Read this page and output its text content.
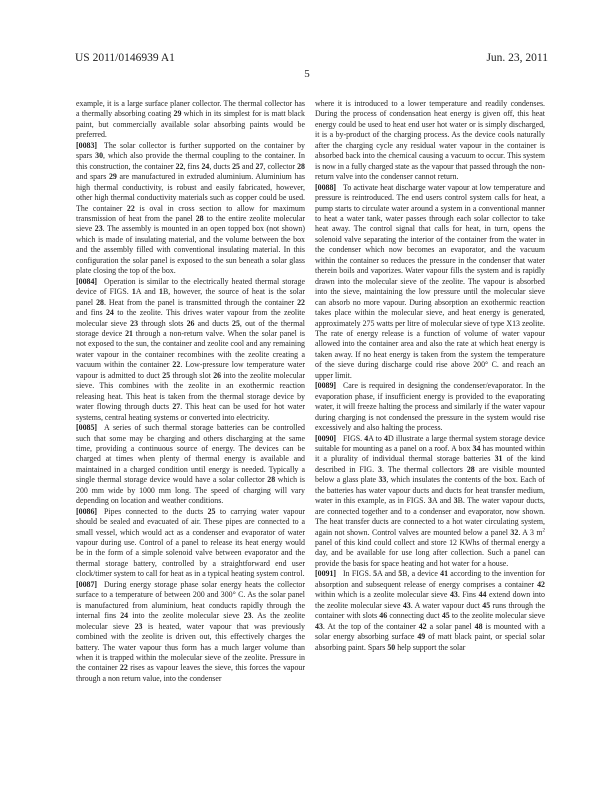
US 2011/0146939 A1	Jun. 23, 2011
5

example, it is a large surface planer collector. The thermal collector has a thermally absorbing coating 29 which in its simplest for is matt black paint, but commercially available solar absorbing paints would be preferred.

[0083] The solar collector is further supported on the container by spars 30, which also provide the thermal coupling to the container. In this construction, the container 22, fins 24, ducts 25 and 27, collector 28 and spars 29 are manufactured in extruded aluminium. Aluminium has high thermal conductivity, is robust and easily fabricated, however, other high thermal conductivity materials such as copper could be used. The container 22 is oval in cross section to allow for maximum transmission of heat from the panel 28 to the entire zeolite molecular sieve 23. The assembly is mounted in an open topped box (not shown) which is made of insulating material, and the volume between the box and the assembly filled with conventional insulating material. In this configuration the solar panel is exposed to the sun beneath a solar glass plate closing the top of the box.

[0084] Operation is similar to the electrically heated thermal storage device of FIGS. 1A and 1B, however, the source of heat is the solar panel 28. Heat from the panel is transmitted through the container 22 and fins 24 to the zeolite. This drives water vapour from the zeolite molecular sieve 23 through slots 26 and ducts 25, out of the thermal storage device 21 through a non-return valve. When the solar panel is not exposed to the sun, the container and zeolite cool and any remaining water vapour in the container recombines with the zeolite creating a vacuum within the container 22. Low-pressure low temperature water vapour is admitted to duct 25 through slot 26 into the zeolite molecular sieve. This combines with the zeolite in an exothermic reaction releasing heat. This heat is taken from the thermal storage device by water flowing through ducts 27. This heat can be used for hot water systems, central heating systems or converted into electricity.

[0085] A series of such thermal storage batteries can be controlled such that some may be charging and others discharging at the same time, providing a continuous source of energy. The devices can be charged at times when plenty of thermal energy is available and maintained in a charged condition until energy is needed. Typically a single thermal storage device would have a solar collector 28 which is 200 mm wide by 1000 mm long. The speed of charging will vary depending on location and weather conditions.

[0086] Pipes connected to the ducts 25 to carrying water vapour should be sealed and evacuated of air. These pipes are connected to a small vessel, which would act as a condenser and evaporator of water vapour during use. Control of a panel to release its heat energy would be in the form of a simple solenoid valve between evaporator and the thermal storage battery, controlled by a straightforward end user clock/timer system to call for heat as in a typical heating system control.

[0087] During energy storage phase solar energy heats the collector surface to a temperature of between 200 and 300° C. As the solar panel is manufactured from aluminium, heat conducts rapidly through the internal fins 24 into the zeolite molecular sieve 23. As the zeolite molecular sieve 23 is heated, water vapour that was previously combined with the zeolite is driven out, this effectively charges the battery. The water vapour thus form has a much larger volume than when it is trapped within the molecular sieve of the zeolite. Pressure in the container 22 rises as vapour leaves the sieve, this forces the vapour through a non return value, into the condenser

where it is introduced to a lower temperature and readily condenses. During the process of condensation heat energy is given off, this heat energy could be used to heat end user hot water or is simply discharged, it is a by-product of the charging process. As the device cools naturally after the charging cycle any residual water vapour in the container is absorbed back into the chemical causing a vacuum to occur. This system is now in a fully charged state as the vapour that passed through the non-return valve into the condenser cannot return.

[0088] To activate heat discharge water vapour at low temperature and pressure is reintroduced. The end users control system calls for heat, a pump starts to circulate water around a system in a conventional manner to heat a water tank, water passes through each solar collector to take heat away. The control signal that calls for heat, in turn, opens the solenoid valve separating the interior of the container from the water in the condenser which now becomes an evaporator, and the vacuum within the container so reduces the pressure in the condenser that water therein boils and vaporizes. Water vapour fills the system and is rapidly drawn into the molecular sieve of the zeolite. The vapour is absorbed into the sieve, maintaining the low pressure until the molecular sieve can absorb no more vapour. During absorption an exothermic reaction takes place within the molecular sieve, and heat energy is generated, approximately 275 watts per litre of molecular sieve of type X13 zeolite. The rate of energy release is a function of volume of water vapour allowed into the container area and also the rate at which heat energy is taken away. If no heat energy is taken from the system the temperature of the sieve during discharge could rise above 200° C. and reach an upper limit.

[0089] Care is required in designing the condenser/evaporator. In the evaporation phase, if insufficient energy is provided to the evaporating water, it will freeze halting the process and similarly if the water vapour during charging is not condensed the pressure in the system would rise excessively and also halting the process.

[0090] FIGS. 4A to 4D illustrate a large thermal system storage device suitable for mounting as a panel on a roof. A box 34 has mounted within it a plurality of individual thermal storage batteries 31 of the kind described in FIG. 3. The thermal collectors 28 are visible mounted below a glass plate 33, which insulates the contents of the box. Each of the batteries has water vapour ducts and ducts for heat transfer medium, water in this example, as in FIGS. 3A and 3B. The water vapour ducts, are connected together and to a condenser and evaporator, now shown. The heat transfer ducts are connected to a hot water circulating system, again not shown. Control valves are mounted below a panel 32. A 3 $m^2$ panel of this kind could collect and store 12 KWhs of thermal energy a day, and be available for use long after collection. Such a panel can provide the basis for space heating and hot water for a house.

[0091] In FIGS. 5A and 5B, a device 41 according to the invention for absorption and subsequent release of energy comprises a container 42 within which is a zeolite molecular sieve 43. Fins 44 extend down into the zeolite molecular sieve 43. A water vapour duct 45 runs through the container with slots 46 connecting duct 45 to the zeolite molecular sieve 43. At the top of the container 42 a solar panel 48 is mounted with a solar energy absorbing surface 49 of matt black paint, or special solar absorbing paint. Spars 50 help support the solar
